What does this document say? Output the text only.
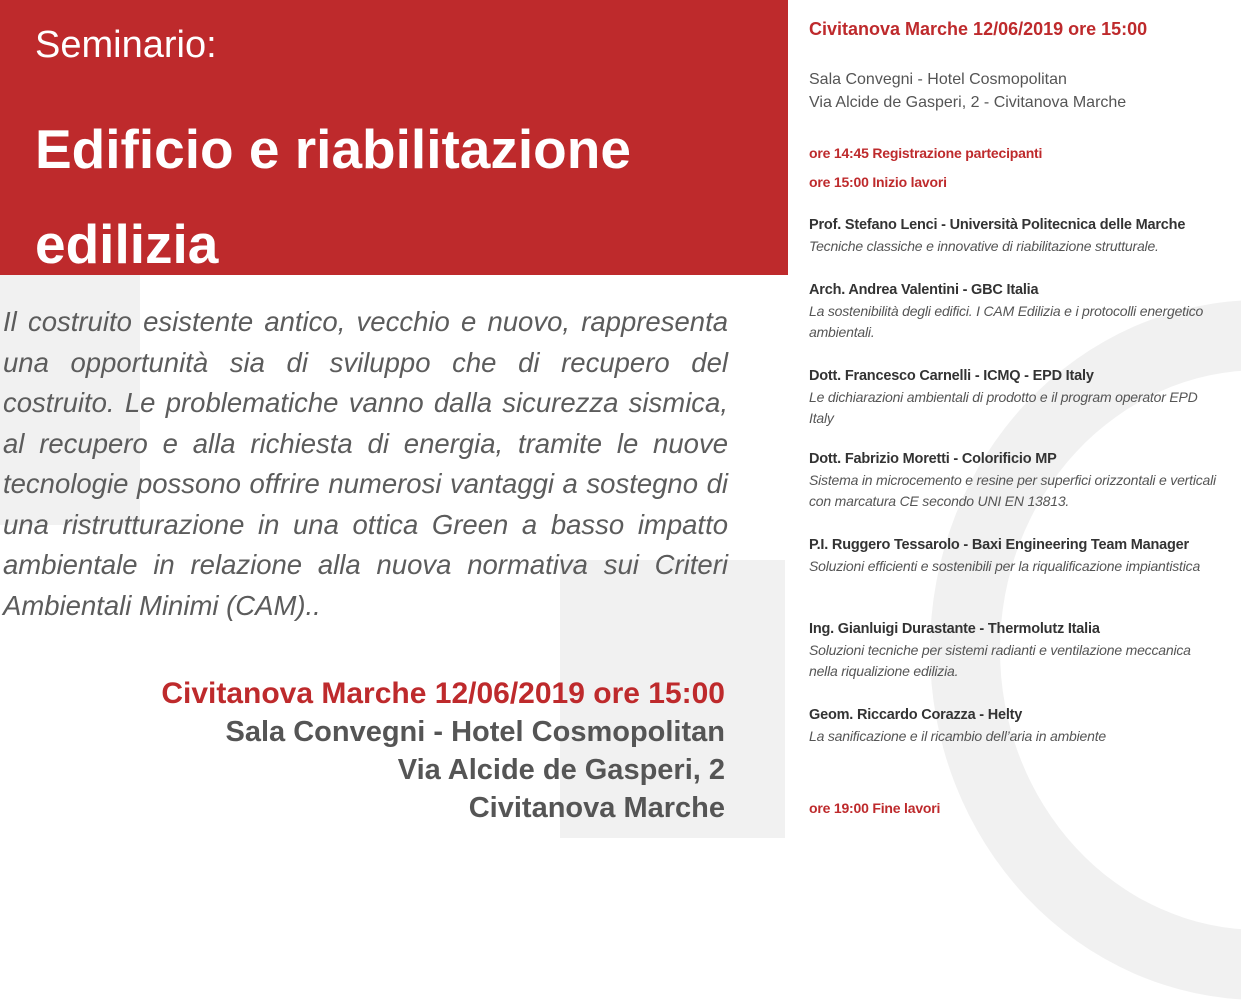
Seminario:
Edificio e riabilitazione edilizia

Il costruito esistente antico, vecchio e nuovo, rappresenta una opportunità sia di sviluppo che di recupero del costruito. Le problematiche vanno dalla sicurezza sismica, al recupero e alla richiesta di energia, tramite le nuove tecnologie possono offrire numerosi vantaggi a sostegno di una ristrutturazione in una ottica Green a basso impatto ambientale in relazione alla nuova normativa sui Criteri Ambientali Minimi (CAM)..

Civitanova Marche 12/06/2019 ore 15:00
Sala Convegni - Hotel Cosmopolitan
Via Alcide de Gasperi, 2
Civitanova Marche
Civitanova Marche 12/06/2019 ore 15:00
Sala Convegni - Hotel Cosmopolitan
Via Alcide de Gasperi, 2 - Civitanova Marche
ore 14:45 Registrazione partecipanti
ore 15:00 Inizio lavori
Prof. Stefano Lenci - Università Politecnica delle Marche
Tecniche classiche e innovative di riabilitazione strutturale.
Arch. Andrea Valentini - GBC Italia
La sostenibilità degli edifici. I CAM Edilizia e i protocolli energetico ambientali.
Dott. Francesco Carnelli - ICMQ - EPD Italy
Le dichiarazioni ambientali di prodotto e il program operator EPD Italy
Dott. Fabrizio Moretti - Colorificio MP
Sistema in microcemento e resine per superfici orizzontali e verticali con marcatura CE secondo UNI EN 13813.
P.I. Ruggero Tessarolo - Baxi Engineering Team Manager
Soluzioni efficienti e sostenibili per la riqualificazione impiantistica
Ing. Gianluigi Durastante - Thermolutz Italia
Soluzioni tecniche per sistemi radianti e ventilazione meccanica nella riqualizione edilizia.
Geom. Riccardo Corazza - Helty
La sanificazione e il ricambio dell’aria in ambiente
ore 19:00 Fine lavori
